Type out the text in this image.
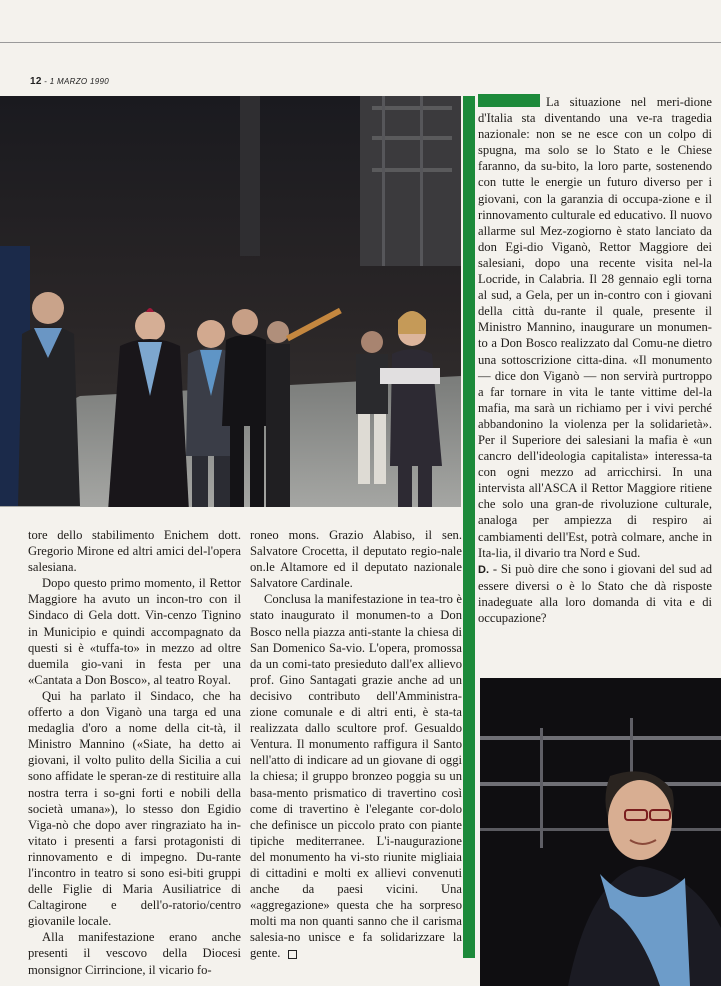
12 - 1 MARZO 1990

tore dello stabilimento Enichem dott. Gregorio Mirone ed altri amici del-l'opera salesiana.

Dopo questo primo momento, il Rettor Maggiore ha avuto un incon-tro con il Sindaco di Gela dott. Vin-cenzo Tignino in Municipio e quindi accompagnato da questi si è «tuffa-to» in mezzo ad oltre duemila gio-vani in festa per una «Cantata a Don Bosco», al teatro Royal.

Qui ha parlato il Sindaco, che ha offerto a don Viganò una targa ed una medaglia d'oro a nome della cit-tà, il Ministro Mannino («Siate, ha detto ai giovani, il volto pulito della Sicilia a cui sono affidate le speran-ze di restituire alla nostra terra i so-gni forti e nobili della società umana»), lo stesso don Egidio Viga-nò che dopo aver ringraziato ha in-vitato i presenti a farsi protagonisti di rinnovamento e di impegno. Du-rante l'incontro in teatro si sono esi-biti gruppi delle Figlie di Maria Ausiliatrice di Caltagirone e dell'o-ratorio/centro giovanile locale.

Alla manifestazione erano anche presenti il vescovo della Diocesi monsignor Cirrincione, il vicario fo-

roneo mons. Grazio Alabiso, il sen. Salvatore Crocetta, il deputato regio-nale on.le Altamore ed il deputato nazionale Salvatore Cardinale.

Conclusa la manifestazione in tea-tro è stato inaugurato il monumen-to a Don Bosco nella piazza anti-stante la chiesa di San Domenico Sa-vio. L'opera, promossa da un comi-tato presieduto dall'ex allievo prof. Gino Santagati grazie anche ad un decisivo contributo dell'Amministra-zione comunale e di altri enti, è sta-ta realizzata dallo scultore prof. Gesualdo Ventura. Il monumento raffigura il Santo nell'atto di indicare ad un giovane di oggi la chiesa; il gruppo bronzeo poggia su un basa-mento prismatico di travertino così come di travertino è l'elegante cor-dolo che definisce un piccolo prato con piante tipiche mediterranee. L'i-naugurazione del monumento ha vi-sto riunite migliaia di cittadini e molti ex allievi convenuti anche da paesi vicini. Una «aggregazione» questa che ha sorpreso molti ma non quanti sanno che il carisma salesia-no unisce e fa solidarizzare la gente.

La situazione nel meri-dione d'Italia sta diventando una ve-ra tragedia nazionale: non se ne esce con un colpo di spugna, ma solo se lo Stato e le Chiese faranno, da su-bito, la loro parte, sostenendo con tutte le energie un futuro diverso per i giovani, con la garanzia di occupa-zione e il rinnovamento culturale ed educativo. Il nuovo allarme sul Mez-zogiorno è stato lanciato da don Egi-dio Viganò, Rettor Maggiore dei salesiani, dopo una recente visita nel-la Locride, in Calabria. Il 28 gennaio egli torna al sud, a Gela, per un in-contro con i giovani della città du-rante il quale, presente il Ministro Mannino, inaugurare un monumen-to a Don Bosco realizzato dal Comu-ne dietro una sottoscrizione citta-dina. «Il monumento — dice don Viganò — non servirà purtroppo a far tornare in vita le tante vittime del-la mafia, ma sarà un richiamo per i vivi perché abbandonino la violenza per la solidarietà». Per il Superiore dei salesiani la mafia è «un cancro dell'ideologia capitalista» interessa-ta con ogni mezzo ad arricchirsi. In una intervista all'ASCA il Rettor Maggiore ritiene che solo una gran-de rivoluzione culturale, analoga per ampiezza di respiro ai cambiamenti dell'Est, potrà colmare, anche in Ita-lia, il divario tra Nord e Sud.

D. - Si può dire che sono i giovani del sud ad essere diversi o è lo Stato che dà risposte inadeguate alla loro domanda di vita e di occupazione?
